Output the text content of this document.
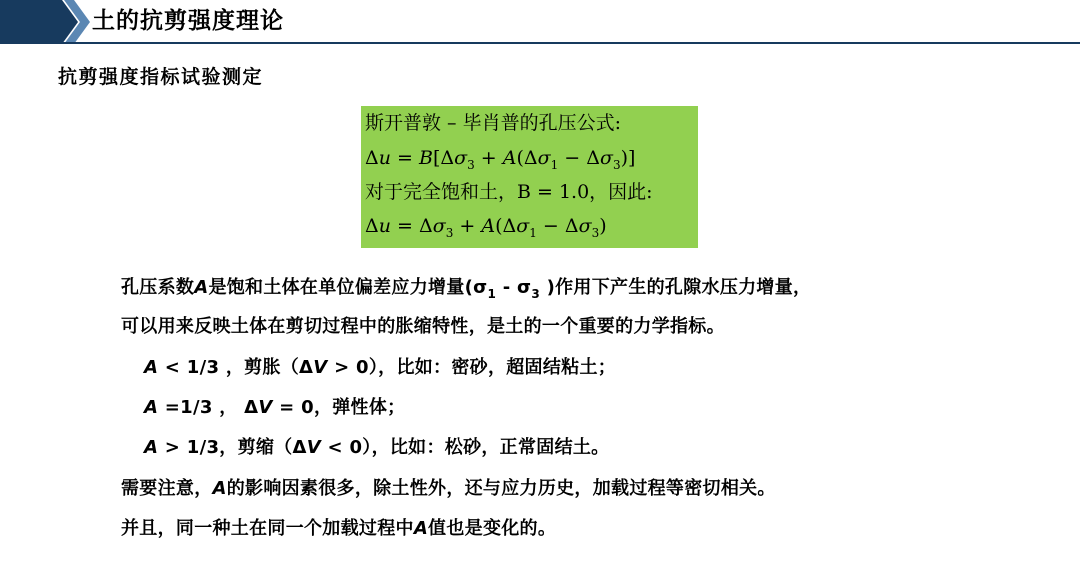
土的抗剪强度理论
抗剪强度指标试验测定
斯开普敦 – 毕肖普的孔压公式:
$\Delta u = B[\Delta\sigma_3 + A(\Delta\sigma_1 - \Delta\sigma_3)]$
对于完全饱和土，B = 1.0，因此:
$\Delta u = \Delta\sigma_3 + A(\Delta\sigma_1 - \Delta\sigma_3)$
孔压系数A是饱和土体在单位偏差应力增量($\sigma_1 - \sigma_3$ )作用下产生的孔隙水压力增量，
可以用来反映土体在剪切过程中的胀缩特性，是土的一个重要的力学指标。
A < 1/3 ，剪胀（ΔV > 0），比如：密砂，超固结粘土；
A =1/3 ， ΔV = 0，弹性体；
A > 1/3，剪缩（ΔV < 0），比如：松砂，正常固结土。
需要注意，A的影响因素很多，除土性外，还与应力历史，加载过程等密切相关。
并且，同一种土在同一个加载过程中A值也是变化的。
